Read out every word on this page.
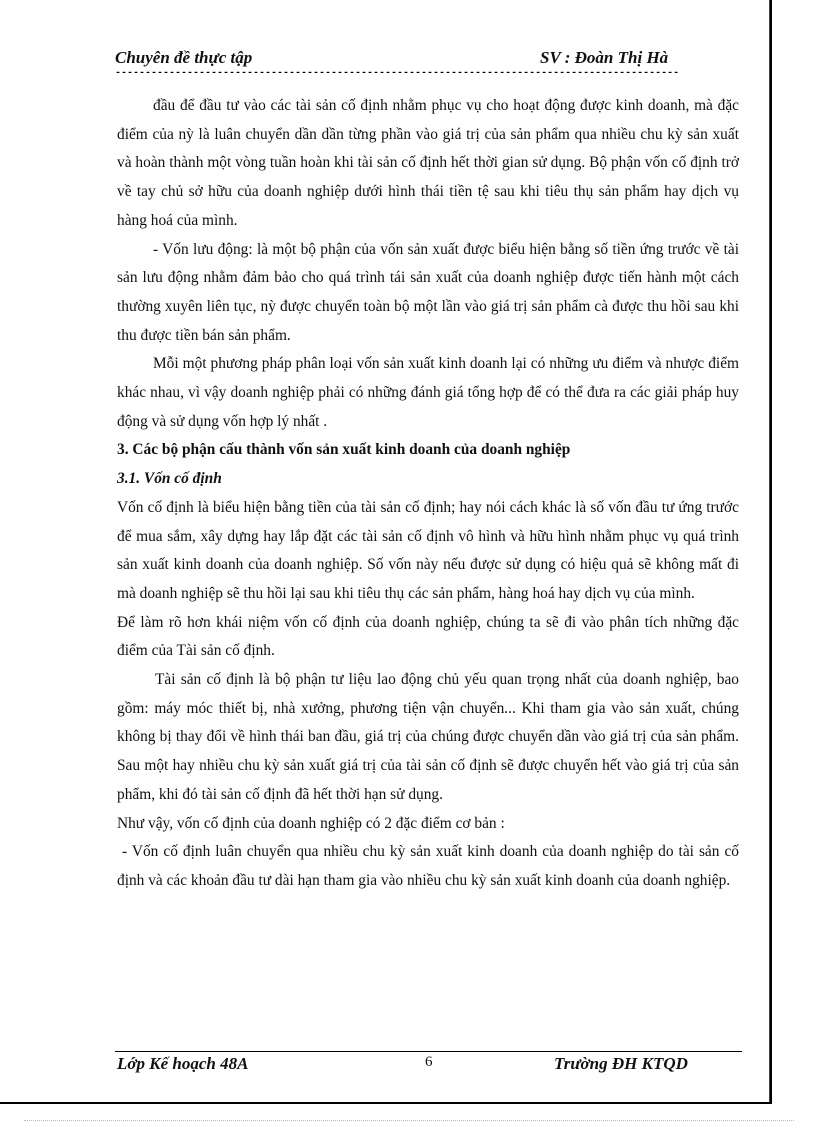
Chuyên đề thực tập	SV : Đoàn Thị Hà
----------------------------------------------------------------------------------------------

đầu để đầu tư vào các tài sản cố định nhằm phục vụ cho hoạt động được kinh doanh, mà đặc điểm của nỳ là luân chuyển dần dần từng phần vào giá trị của sản phẩm qua nhiều chu kỳ sản xuất và hoàn thành một vòng tuần hoàn khi tài sản cố định hết thời gian sử dụng. Bộ phận vốn cố định trở về tay chủ sở hữu của doanh nghiệp dưới hình thái tiền tệ sau khi tiêu thụ sản phẩm hay dịch vụ hàng hoá của mình.

- Vốn lưu động: là một bộ phận của vốn sản xuất được biểu hiện bằng số tiền ứng trước về tài sản lưu động nhằm đảm bảo cho quá trình tái sản xuất của doanh nghiệp được tiến hành một cách thường xuyên liên tục, nỳ được chuyển toàn bộ một lần vào giá trị sản phẩm cà được thu hồi sau khi thu được tiền bán sản phẩm.

Mỗi một phương pháp phân loại vốn sản xuất kinh doanh lại có những ưu điểm và nhược điểm khác nhau, vì vậy doanh nghiệp phải có những đánh giá tổng hợp để có thể đưa ra các giải pháp huy động và sử dụng vốn hợp lý nhất .

3. Các bộ phận cấu thành vốn sản xuất kinh doanh của doanh nghiệp

3.1. Vốn cố định

Vốn cố định là biểu hiện bằng tiền của tài sản cố định; hay nói cách khác là số vốn đầu tư ứng trước để mua sắm, xây dựng hay lắp đặt các tài sản cố định vô hình và hữu hình nhằm phục vụ quá trình sản xuất kinh doanh của doanh nghiệp. Số vốn này nếu được sử dụng có hiệu quả sẽ không mất đi mà doanh nghiệp sẽ thu hồi lại sau khi tiêu thụ các sản phẩm, hàng hoá hay dịch vụ của mình.

Để làm rõ hơn khái niệm vốn cố định của doanh nghiệp, chúng ta sẽ đi vào phân tích những đặc điểm của Tài sản cố định.

Tài sản cố định là bộ phận tư liệu lao động chủ yếu quan trọng nhất của doanh nghiệp, bao gồm: máy móc thiết bị, nhà xưởng, phương tiện vận chuyển... Khi tham gia vào sản xuất, chúng không bị thay đổi về hình thái ban đầu, giá trị của chúng được chuyển dần vào giá trị của sản phẩm. Sau một hay nhiều chu kỳ sản xuất giá trị của tài sản cố định sẽ được chuyển hết vào giá trị của sản phẩm, khi đó tài sản cố định đã hết thời hạn sử dụng.

Như vậy, vốn cố định của doanh nghiệp có 2 đặc điểm cơ bản :

- Vốn cố định luân chuyển qua nhiều chu kỳ sản xuất kinh doanh của doanh nghiệp do tài sản cố định và các khoản đầu tư dài hạn tham gia vào nhiều chu kỳ sản xuất kinh doanh của doanh nghiệp.

Lớp Kế hoạch 48A	6	Trường ĐH KTQD
